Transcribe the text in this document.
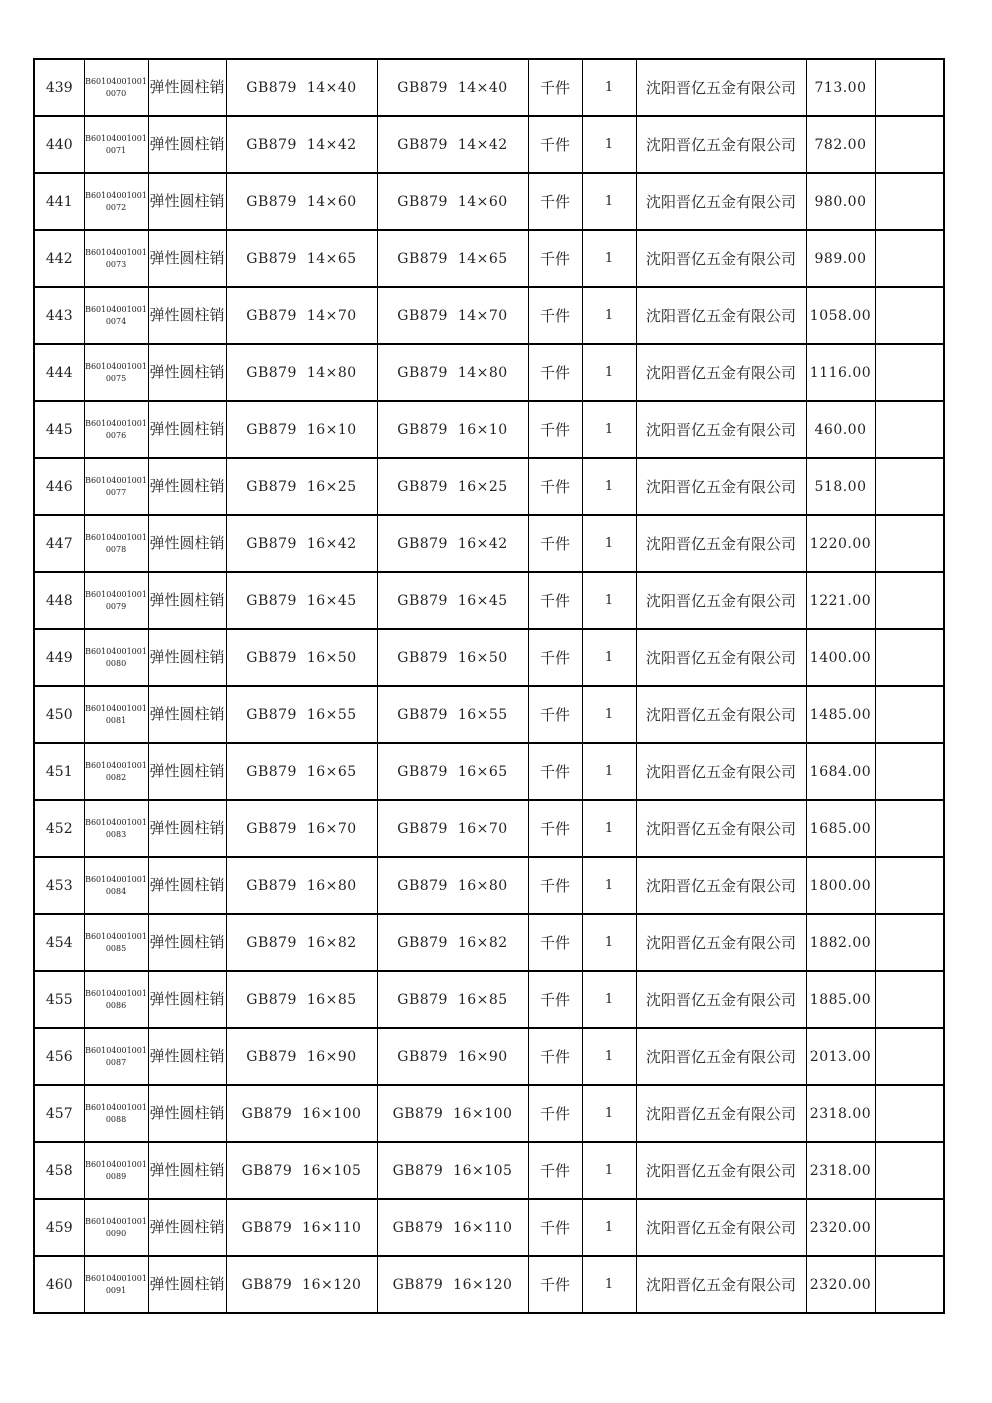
439	B601040010010070	弹性圆柱销	GB879  14×40	GB879  14×40	千件	1	沈阳晋亿五金有限公司	713.00	
440	B601040010010071	弹性圆柱销	GB879  14×42	GB879  14×42	千件	1	沈阳晋亿五金有限公司	782.00	
441	B601040010010072	弹性圆柱销	GB879  14×60	GB879  14×60	千件	1	沈阳晋亿五金有限公司	980.00	
442	B601040010010073	弹性圆柱销	GB879  14×65	GB879  14×65	千件	1	沈阳晋亿五金有限公司	989.00	
443	B601040010010074	弹性圆柱销	GB879  14×70	GB879  14×70	千件	1	沈阳晋亿五金有限公司	1058.00	
444	B601040010010075	弹性圆柱销	GB879  14×80	GB879  14×80	千件	1	沈阳晋亿五金有限公司	1116.00	
445	B601040010010076	弹性圆柱销	GB879  16×10	GB879  16×10	千件	1	沈阳晋亿五金有限公司	460.00	
446	B601040010010077	弹性圆柱销	GB879  16×25	GB879  16×25	千件	1	沈阳晋亿五金有限公司	518.00	
447	B601040010010078	弹性圆柱销	GB879  16×42	GB879  16×42	千件	1	沈阳晋亿五金有限公司	1220.00	
448	B601040010010079	弹性圆柱销	GB879  16×45	GB879  16×45	千件	1	沈阳晋亿五金有限公司	1221.00	
449	B601040010010080	弹性圆柱销	GB879  16×50	GB879  16×50	千件	1	沈阳晋亿五金有限公司	1400.00	
450	B601040010010081	弹性圆柱销	GB879  16×55	GB879  16×55	千件	1	沈阳晋亿五金有限公司	1485.00	
451	B601040010010082	弹性圆柱销	GB879  16×65	GB879  16×65	千件	1	沈阳晋亿五金有限公司	1684.00	
452	B601040010010083	弹性圆柱销	GB879  16×70	GB879  16×70	千件	1	沈阳晋亿五金有限公司	1685.00	
453	B601040010010084	弹性圆柱销	GB879  16×80	GB879  16×80	千件	1	沈阳晋亿五金有限公司	1800.00	
454	B601040010010085	弹性圆柱销	GB879  16×82	GB879  16×82	千件	1	沈阳晋亿五金有限公司	1882.00	
455	B601040010010086	弹性圆柱销	GB879  16×85	GB879  16×85	千件	1	沈阳晋亿五金有限公司	1885.00	
456	B601040010010087	弹性圆柱销	GB879  16×90	GB879  16×90	千件	1	沈阳晋亿五金有限公司	2013.00	
457	B601040010010088	弹性圆柱销	GB879  16×100	GB879  16×100	千件	1	沈阳晋亿五金有限公司	2318.00	
458	B601040010010089	弹性圆柱销	GB879  16×105	GB879  16×105	千件	1	沈阳晋亿五金有限公司	2318.00	
459	B601040010010090	弹性圆柱销	GB879  16×110	GB879  16×110	千件	1	沈阳晋亿五金有限公司	2320.00	
460	B601040010010091	弹性圆柱销	GB879  16×120	GB879  16×120	千件	1	沈阳晋亿五金有限公司	2320.00	
